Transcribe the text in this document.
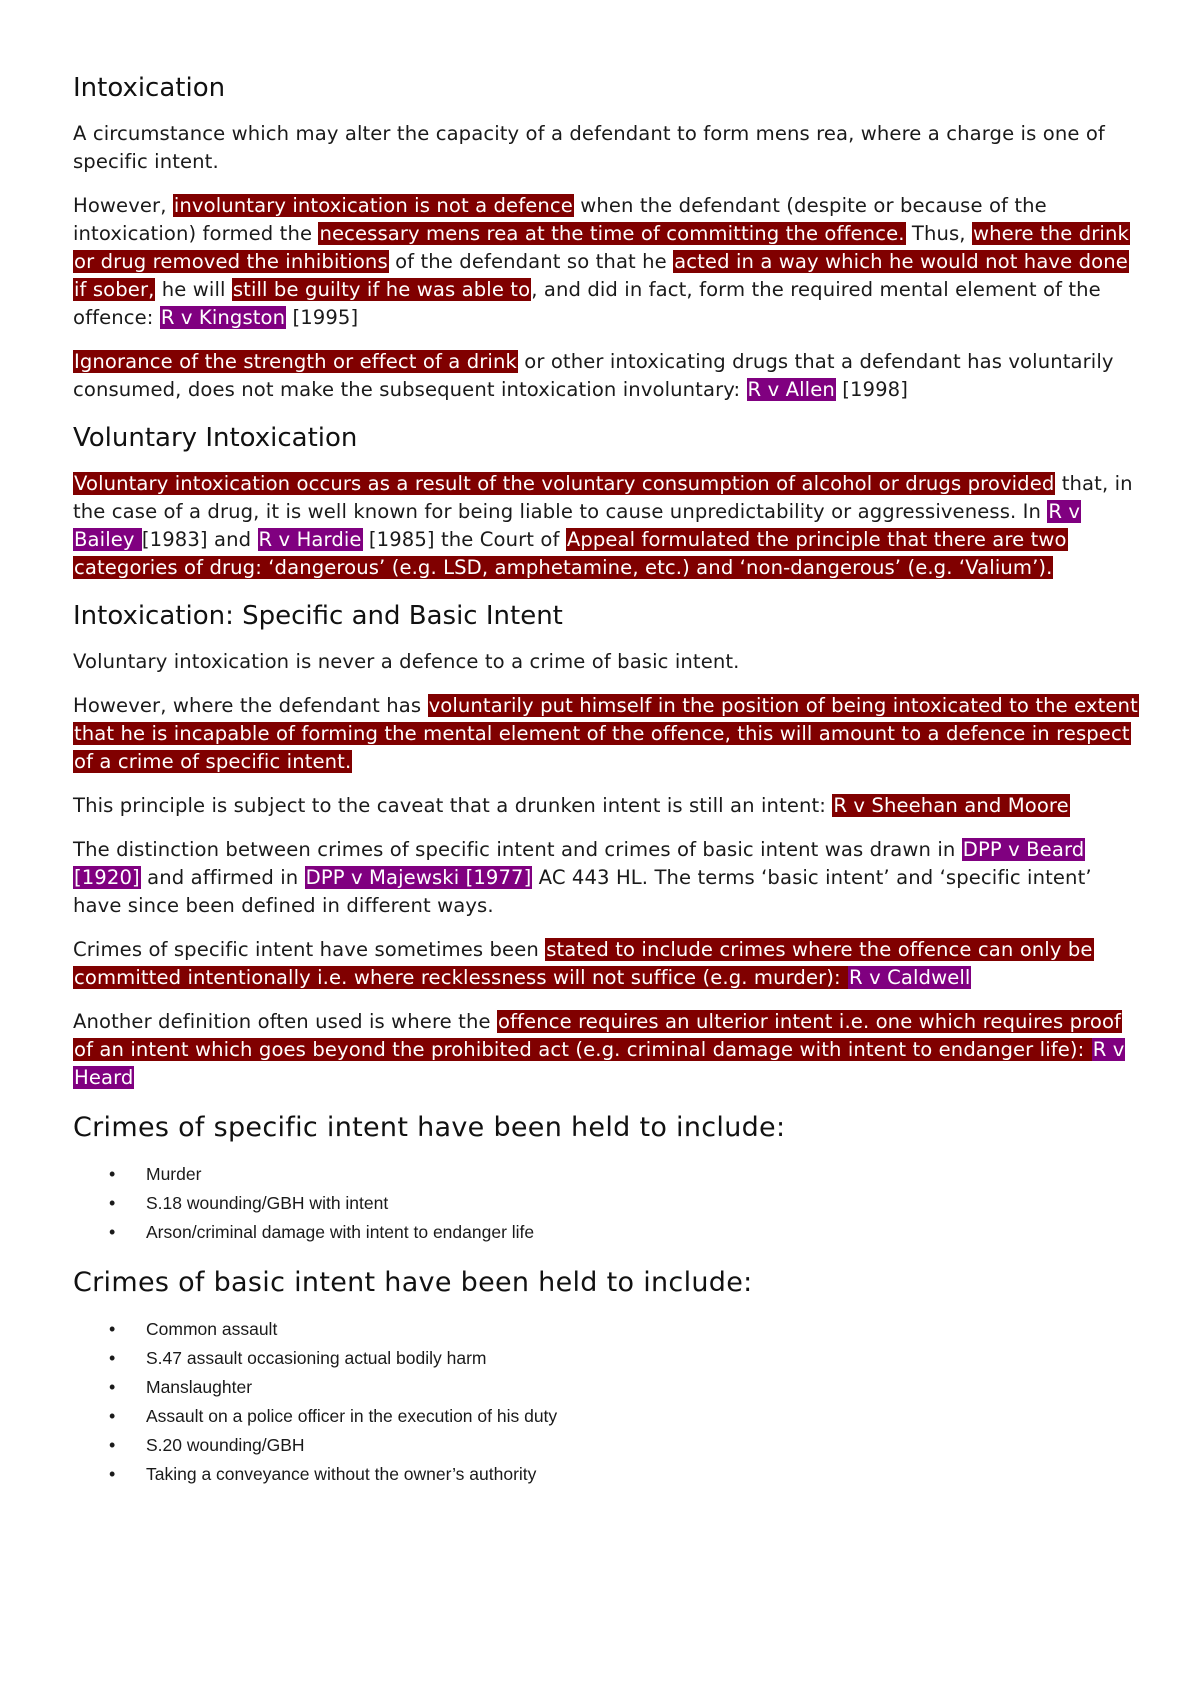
Intoxication

A circumstance which may alter the capacity of a defendant to form mens rea, where a charge is one of specific intent.

However, involuntary intoxication is not a defence when the defendant (despite or because of the intoxication) formed the necessary mens rea at the time of committing the offence. Thus, where the drink or drug removed the inhibitions of the defendant so that he acted in a way which he would not have done if sober, he will still be guilty if he was able to, and did in fact, form the required mental element of the offence: R v Kingston [1995]

Ignorance of the strength or effect of a drink or other intoxicating drugs that a defendant has voluntarily consumed, does not make the subsequent intoxication involuntary: R v Allen [1998]

Voluntary Intoxication

Voluntary intoxication occurs as a result of the voluntary consumption of alcohol or drugs provided that, in the case of a drug, it is well known for being liable to cause unpredictability or aggressiveness. In R v Bailey [1983] and R v Hardie [1985] the Court of Appeal formulated the principle that there are two categories of drug: ‘dangerous’ (e.g. LSD, amphetamine, etc.) and ‘non-dangerous’ (e.g. ‘Valium’).

Intoxication: Specific and Basic Intent

Voluntary intoxication is never a defence to a crime of basic intent.

However, where the defendant has voluntarily put himself in the position of being intoxicated to the extent that he is incapable of forming the mental element of the offence, this will amount to a defence in respect of a crime of specific intent.

This principle is subject to the caveat that a drunken intent is still an intent: R v Sheehan and Moore

The distinction between crimes of specific intent and crimes of basic intent was drawn in DPP v Beard [1920] and affirmed in DPP v Majewski [1977] AC 443 HL. The terms ‘basic intent’ and ‘specific intent’ have since been defined in different ways.

Crimes of specific intent have sometimes been stated to include crimes where the offence can only be committed intentionally i.e. where recklessness will not suffice (e.g. murder): R v Caldwell

Another definition often used is where the offence requires an ulterior intent i.e. one which requires proof of an intent which goes beyond the prohibited act (e.g. criminal damage with intent to endanger life): R v Heard

Crimes of specific intent have been held to include:
• Murder
• S.18 wounding/GBH with intent
• Arson/criminal damage with intent to endanger life
Crimes of basic intent have been held to include:
• Common assault
• S.47 assault occasioning actual bodily harm
• Manslaughter
• Assault on a police officer in the execution of his duty
• S.20 wounding/GBH
• Taking a conveyance without the owner’s authority
